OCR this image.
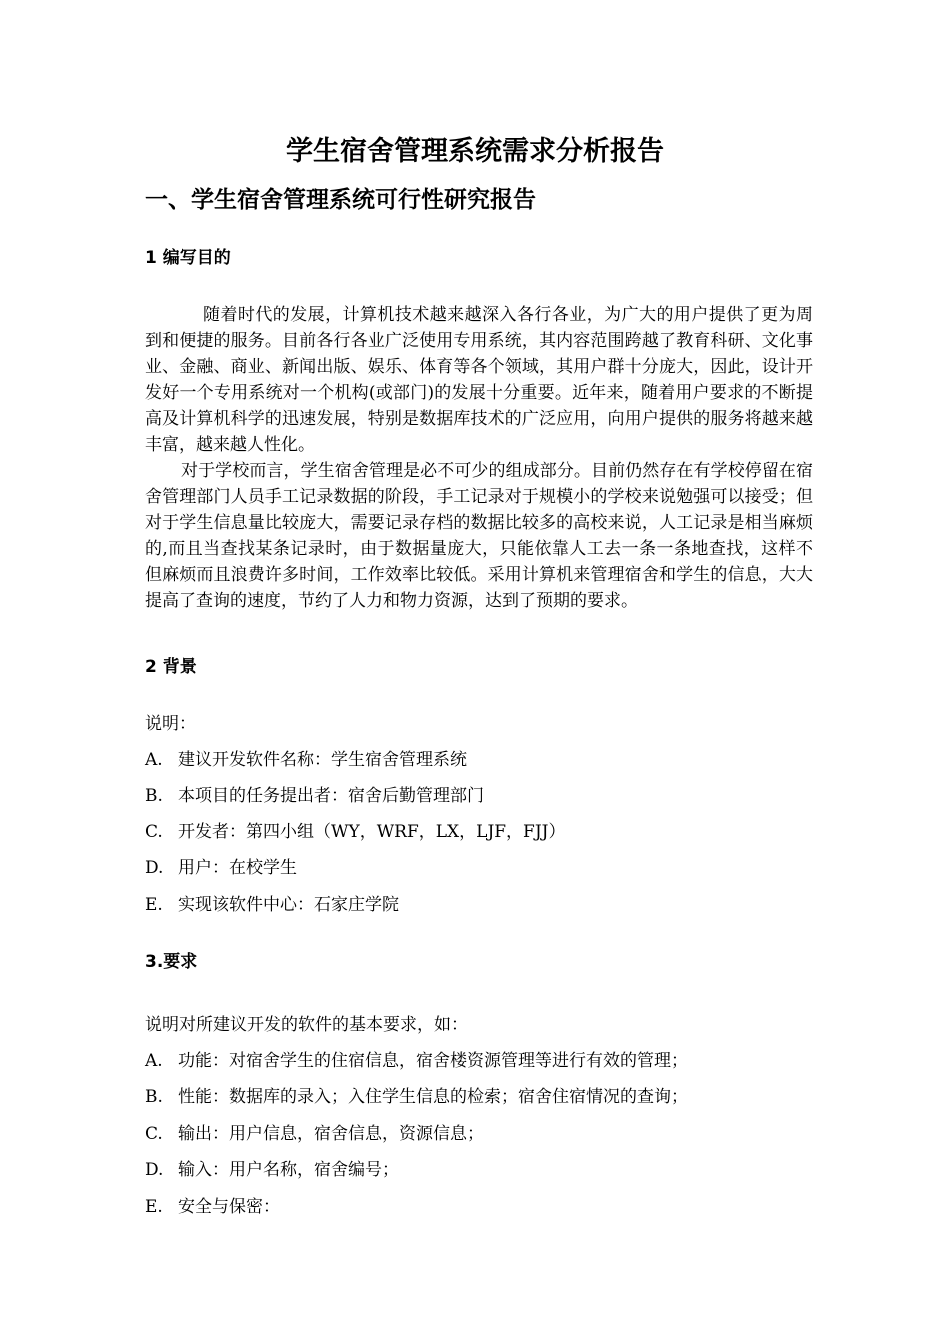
学生宿舍管理系统需求分析报告
一、学生宿舍管理系统可行性研究报告
1 编写目的

随着时代的发展，计算机技术越来越深入各行各业，为广大的用户提供了更为周到和便捷的服务。目前各行各业广泛使用专用系统，其内容范围跨越了教育科研、文化事业、金融、商业、新闻出版、娱乐、体育等各个领域，其用户群十分庞大，因此，设计开发好一个专用系统对一个机构(或部门)的发展十分重要。近年来，随着用户要求的不断提高及计算机科学的迅速发展，特别是数据库技术的广泛应用，向用户提供的服务将越来越丰富，越来越人性化。

对于学校而言，学生宿舍管理是必不可少的组成部分。目前仍然存在有学校停留在宿舍管理部门人员手工记录数据的阶段，手工记录对于规模小的学校来说勉强可以接受；但对于学生信息量比较庞大，需要记录存档的数据比较多的高校来说，人工记录是相当麻烦的,而且当查找某条记录时，由于数据量庞大，只能依靠人工去一条一条地查找，这样不但麻烦而且浪费许多时间，工作效率比较低。采用计算机来管理宿舍和学生的信息，大大提高了查询的速度，节约了人力和物力资源，达到了预期的要求。

2 背景

说明：

A. 建议开发软件名称：学生宿舍管理系统
B. 本项目的任务提出者：宿舍后勤管理部门
C. 开发者：第四小组（WY，WRF，LX，LJF，FJJ）
D. 用户：在校学生
E. 实现该软件中心：石家庄学院
3.要求

说明对所建议开发的软件的基本要求，如：

A. 功能：对宿舍学生的住宿信息，宿舍楼资源管理等进行有效的管理；
B. 性能：数据库的录入；入住学生信息的检索；宿舍住宿情况的查询；
C. 输出：用户信息，宿舍信息，资源信息；
D. 输入：用户名称，宿舍编号；
E. 安全与保密：
